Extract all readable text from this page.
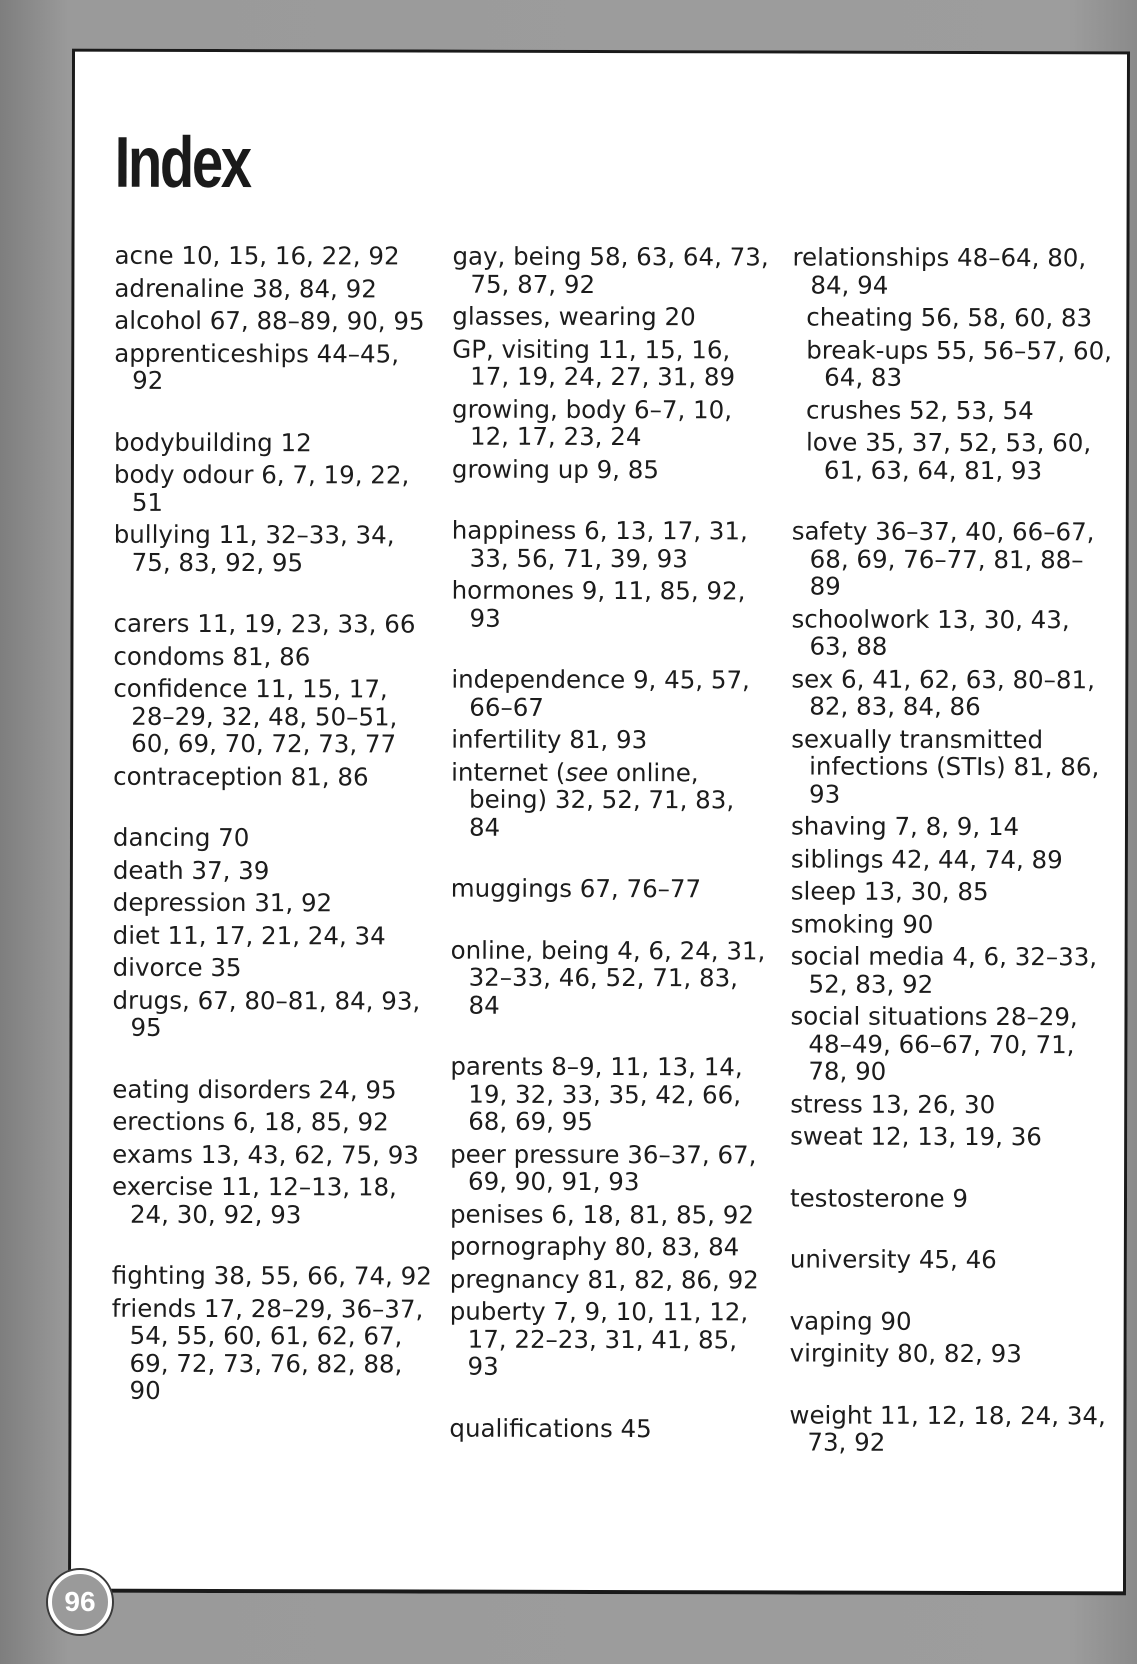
Index
acne 10, 15, 16, 22, 92
adrenaline 38, 84, 92
alcohol 67, 88–89, 90, 95
apprenticeships 44–45, 92
bodybuilding 12
body odour 6, 7, 19, 22, 51
bullying 11, 32–33, 34, 75, 83, 92, 95
carers 11, 19, 23, 33, 66
condoms 81, 86
confidence 11, 15, 17, 28–29, 32, 48, 50–51, 60, 69, 70, 72, 73, 77
contraception 81, 86
dancing 70
death 37, 39
depression 31, 92
diet 11, 17, 21, 24, 34
divorce 35
drugs, 67, 80–81, 84, 93, 95
eating disorders 24, 95
erections 6, 18, 85, 92
exams 13, 43, 62, 75, 93
exercise 11, 12–13, 18, 24, 30, 92, 93
fighting 38, 55, 66, 74, 92
friends 17, 28–29, 36–37, 54, 55, 60, 61, 62, 67, 69, 72, 73, 76, 82, 88, 90
gay, being 58, 63, 64, 73, 75, 87, 92
glasses, wearing 20
GP, visiting 11, 15, 16, 17, 19, 24, 27, 31, 89
growing, body 6–7, 10, 12, 17, 23, 24
growing up 9, 85
happiness 6, 13, 17, 31, 33, 56, 71, 39, 93
hormones 9, 11, 85, 92, 93
independence 9, 45, 57, 66–67
infertility 81, 93
internet (see online, being) 32, 52, 71, 83, 84
muggings 67, 76–77
online, being 4, 6, 24, 31, 32–33, 46, 52, 71, 83, 84
parents 8–9, 11, 13, 14, 19, 32, 33, 35, 42, 66, 68, 69, 95
peer pressure 36–37, 67, 69, 90, 91, 93
penises 6, 18, 81, 85, 92
pornography 80, 83, 84
pregnancy 81, 82, 86, 92
puberty 7, 9, 10, 11, 12, 17, 22–23, 31, 41, 85, 93
qualifications 45
relationships 48–64, 80, 84, 94
cheating 56, 58, 60, 83
break-ups 55, 56–57, 60, 64, 83
crushes 52, 53, 54
love 35, 37, 52, 53, 60, 61, 63, 64, 81, 93
safety 36–37, 40, 66–67, 68, 69, 76–77, 81, 88–89
schoolwork 13, 30, 43, 63, 88
sex 6, 41, 62, 63, 80–81, 82, 83, 84, 86
sexually transmitted infections (STIs) 81, 86, 93
shaving 7, 8, 9, 14
siblings 42, 44, 74, 89
sleep 13, 30, 85
smoking 90
social media 4, 6, 32–33, 52, 83, 92
social situations 28–29, 48–49, 66–67, 70, 71, 78, 90
stress 13, 26, 30
sweat 12, 13, 19, 36
testosterone 9
university 45, 46
vaping 90
virginity 80, 82, 93
weight 11, 12, 18, 24, 34, 73, 92
96
